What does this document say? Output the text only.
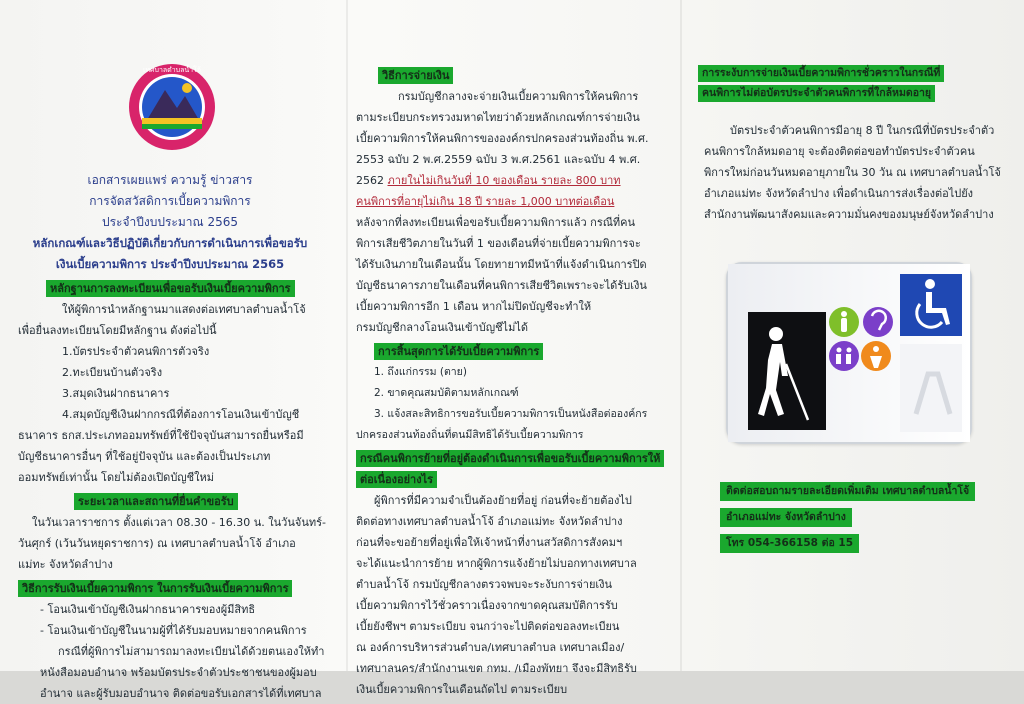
เทศบาลตำบลน้ำโจ้
เอกสารเผยแพร่ ความรู้ ข่าวสาร
การจัดสวัสดิการเบี้ยความพิการ
ประจำปีงบประมาณ 2565
หลักเกณฑ์และวิธีปฏิบัติเกี่ยวกับการดำเนินการเพื่อขอรับ
เงินเบี้ยความพิการ ประจำปีงบประมาณ 2565
หลักฐานการลงทะเบียนเพื่อขอรับเงินเบี้ยความพิการ
ให้ผู้พิการนำหลักฐานมาแสดงต่อเทศบาลตำบลน้ำโจ้
เพื่อยื่นลงทะเบียนโดยมีหลักฐาน ดังต่อไปนี้
1.บัตรประจำตัวคนพิการตัวจริง
2.ทะเบียนบ้านตัวจริง
3.สมุดเงินฝากธนาคาร
4.สมุดบัญชีเงินฝากกรณีที่ต้องการโอนเงินเข้าบัญชี
ธนาคาร ธกส.ประเภทออมทรัพย์ที่ใช้ปัจจุบันสามารถยื่นหรือมี
บัญชีธนาคารอื่นๆ ที่ใช้อยู่ปัจจุบัน และต้องเป็นประเภท
ออมทรัพย์เท่านั้น โดยไม่ต้องเปิดบัญชีใหม่
ระยะเวลาและสถานที่ยื่นคำขอรับ
ในวันเวลาราชการ ตั้งแต่เวลา 08.30 - 16.30 น. ในวันจันทร์-
วันศุกร์ (เว้นวันหยุดราชการ) ณ เทศบาลตำบลน้ำโจ้ อำเภอ
แม่ทะ จังหวัดลำปาง
วิธีการรับเงินเบี้ยความพิการ ในการรับเงินเบี้ยความพิการ
- โอนเงินเข้าบัญชีเงินฝากธนาคารของผู้มีสิทธิ
- โอนเงินเข้าบัญชีในนามผู้ที่ได้รับมอบหมายจากคนพิการ
กรณีที่ผู้พิการไม่สามารถมาลงทะเบียนได้ด้วยตนเองให้ทำ
หนังสือมอบอำนาจ พร้อมบัตรประจำตัวประชาชนของผู้มอบ
อำนาจ และผู้รับมอบอำนาจ ติดต่อขอรับเอกสารได้ที่เทศบาล
วิธีการจ่ายเงิน
กรมบัญชีกลางจะจ่ายเงินเบี้ยความพิการให้คนพิการ
ตามระเบียบกระทรวงมหาดไทยว่าด้วยหลักเกณฑ์การจ่ายเงิน
เบี้ยความพิการให้คนพิการขององค์กรปกครองส่วนท้องถิ่น พ.ศ.
2553 ฉบับ 2 พ.ศ.2559 ฉบับ 3 พ.ศ.2561 และฉบับ 4 พ.ศ.
2562 ภายในไม่เกินวันที่ 10 ของเดือน รายละ 800 บาท
คนพิการที่อายุไม่เกิน 18 ปี รายละ 1,000 บาทต่อเดือน
หลังจากที่ลงทะเบียนเพื่อขอรับเบี้ยความพิการแล้ว กรณีที่คน
พิการเสียชีวิตภายในวันที่ 1 ของเดือนที่จ่ายเบี้ยความพิการจะ
ได้รับเงินภายในเดือนนั้น โดยทายาทมีหน้าที่แจ้งดำเนินการปิด
บัญชีธนาคารภายในเดือนที่คนพิการเสียชีวิตเพราะจะได้รับเงิน
เบี้ยความพิการอีก 1 เดือน หากไม่ปิดบัญชีจะทำให้
กรมบัญชีกลางโอนเงินเข้าบัญชีไม่ได้
การสิ้นสุดการได้รับเบี้ยความพิการ
1. ถึงแก่กรรม (ตาย)
2. ขาดคุณสมบัติตามหลักเกณฑ์
3. แจ้งสละสิทธิการขอรับเบี้ยความพิการเป็นหนังสือต่อองค์กร
ปกครองส่วนท้องถิ่นที่ตนมีสิทธิได้รับเบี้ยความพิการ
กรณีคนพิการย้ายที่อยู่ต้องดำเนินการเพื่อขอรับเบี้ยความพิการให้
ต่อเนื่องอย่างไร
ผู้พิการที่มีความจำเป็นต้องย้ายที่อยู่ ก่อนที่จะย้ายต้องไป
ติดต่อทางเทศบาลตำบลน้ำโจ้ อำเภอแม่ทะ จังหวัดลำปาง
ก่อนที่จะขอย้ายที่อยู่เพื่อให้เจ้าหน้าที่งานสวัสดิการสังคมฯ
จะได้แนะนำการย้าย หากผู้พิการแจ้งย้ายไม่บอกทางเทศบาล
ตำบลน้ำโจ้ กรมบัญชีกลางตรวจพบจะระงับการจ่ายเงิน
เบี้ยความพิการไว้ชั่วคราวเนื่องจากขาดคุณสมบัติการรับ
เบี้ยยังชีพฯ ตามระเบียบ จนกว่าจะไปติดต่อขอลงทะเบียน
ณ องค์การบริหารส่วนตำบล/เทศบาลตำบล เทศบาลเมือง/
เทศบาลนคร/สำนักงานเขต กทม. /เมืองพัทยา จึงจะมีสิทธิรับ
เงินเบี้ยความพิการในเดือนถัดไป ตามระเบียบ
การระงับการจ่ายเงินเบี้ยความพิการชั่วคราวในกรณีที่
คนพิการไม่ต่อบัตรประจำตัวคนพิการที่ใกล้หมดอายุ
บัตรประจำตัวคนพิการมีอายุ 8 ปี ในกรณีที่บัตรประจำตัว
คนพิการใกล้หมดอายุ จะต้องติดต่อขอทำบัตรประจำตัวคน
พิการใหม่ก่อนวันหมดอายุภายใน 30 วัน ณ เทศบาลตำบลน้ำโจ้
อำเภอแม่ทะ จังหวัดลำปาง เพื่อดำเนินการส่งเรื่องต่อไปยัง
สำนักงานพัฒนาสังคมและความมั่นคงของมนุษย์จังหวัดลำปาง
ติดต่อสอบถามรายละเอียดเพิ่มเติม เทศบาลตำบลน้ำโจ้
อำเภอแม่ทะ จังหวัดลำปาง
โทร 054-366158 ต่อ 15
